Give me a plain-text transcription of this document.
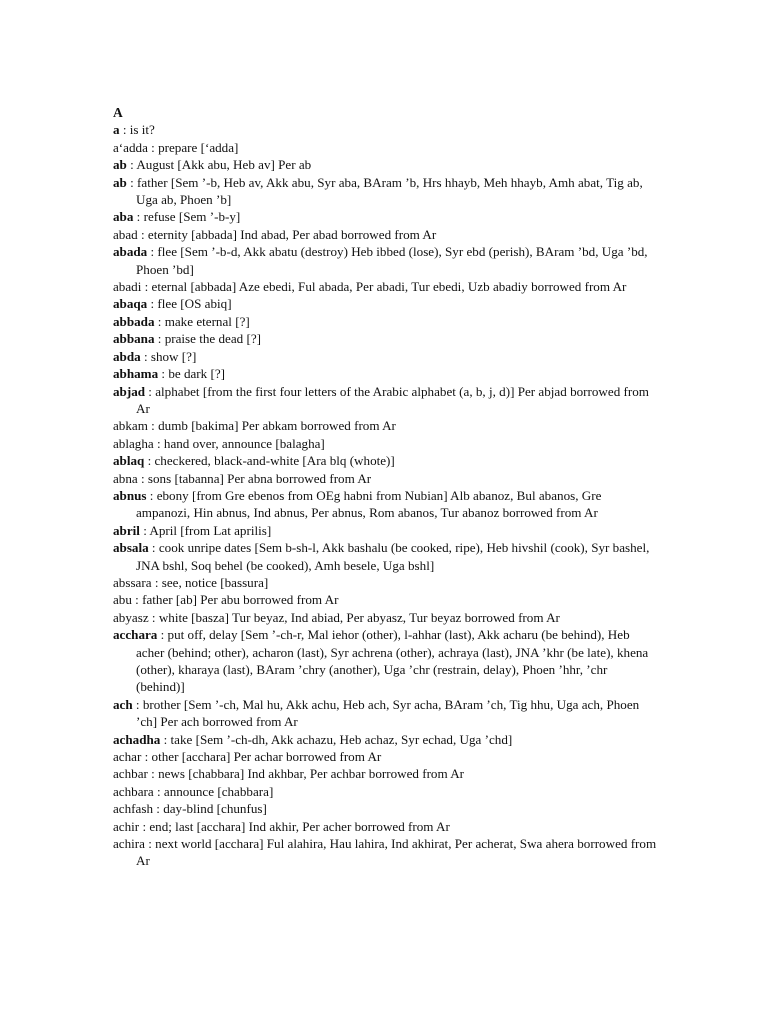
A
a : is it?
a‘adda : prepare [‘adda]
ab : August [Akk abu, Heb av] Per ab
ab : father [Sem ’-b, Heb av, Akk abu, Syr aba, BAram ’b, Hrs hhayb, Meh hhayb, Amh abat, Tig ab, Uga ab, Phoen ’b]
aba : refuse [Sem ’-b-y]
abad : eternity [abbada] Ind abad, Per abad borrowed from Ar
abada : flee [Sem ’-b-d, Akk abatu (destroy) Heb ibbed (lose), Syr ebd (perish), BAram ’bd, Uga ’bd, Phoen ’bd]
abadi : eternal [abbada] Aze ebedi, Ful abada, Per abadi, Tur ebedi, Uzb abadiy borrowed from Ar
abaqa : flee [OS abiq]
abbada : make eternal [?]
abbana : praise the dead [?]
abda : show [?]
abhama : be dark [?]
abjad : alphabet [from the first four letters of the Arabic alphabet (a, b, j, d)] Per abjad borrowed from Ar
abkam : dumb [bakima] Per abkam borrowed from Ar
ablagha : hand over, announce [balagha]
ablaq : checkered, black-and-white [Ara blq (whote)]
abna : sons [tabanna] Per abna borrowed from Ar
abnus : ebony [from Gre ebenos from OEg habni from Nubian] Alb abanoz, Bul abanos, Gre ampanozi, Hin abnus, Ind abnus, Per abnus, Rom abanos, Tur abanoz borrowed from Ar
abril : April [from Lat aprilis]
absala : cook unripe dates [Sem b-sh-l, Akk bashalu (be cooked, ripe), Heb hivshil (cook), Syr bashel, JNA bshl, Soq behel (be cooked), Amh besele, Uga bshl]
abssara : see, notice [bassura]
abu : father [ab] Per abu borrowed from Ar
abyasz : white [basza] Tur beyaz, Ind abiad, Per abyasz, Tur beyaz borrowed from Ar
acchara : put off, delay [Sem ’-ch-r, Mal iehor (other), l-ahhar (last), Akk acharu (be behind), Heb acher (behind; other), acharon (last), Syr achrena (other), achraya (last), JNA ’khr (be late), khena (other), kharaya (last), BAram ’chry (another), Uga ’chr (restrain, delay), Phoen ’hhr, ’chr (behind)]
ach : brother [Sem ’-ch, Mal hu, Akk achu, Heb ach, Syr acha, BAram ’ch, Tig hhu, Uga ach, Phoen ’ch] Per ach borrowed from Ar
achadha : take [Sem ’-ch-dh, Akk achazu, Heb achaz, Syr echad, Uga ’chd]
achar : other [acchara] Per achar borrowed from Ar
achbar : news [chabbara] Ind akhbar, Per achbar borrowed from Ar
achbara : announce [chabbara]
achfash : day-blind [chunfus]
achir : end; last [acchara] Ind akhir, Per acher borrowed from Ar
achira : next world [acchara] Ful alahira, Hau lahira, Ind akhirat, Per acherat, Swa ahera borrowed from Ar
